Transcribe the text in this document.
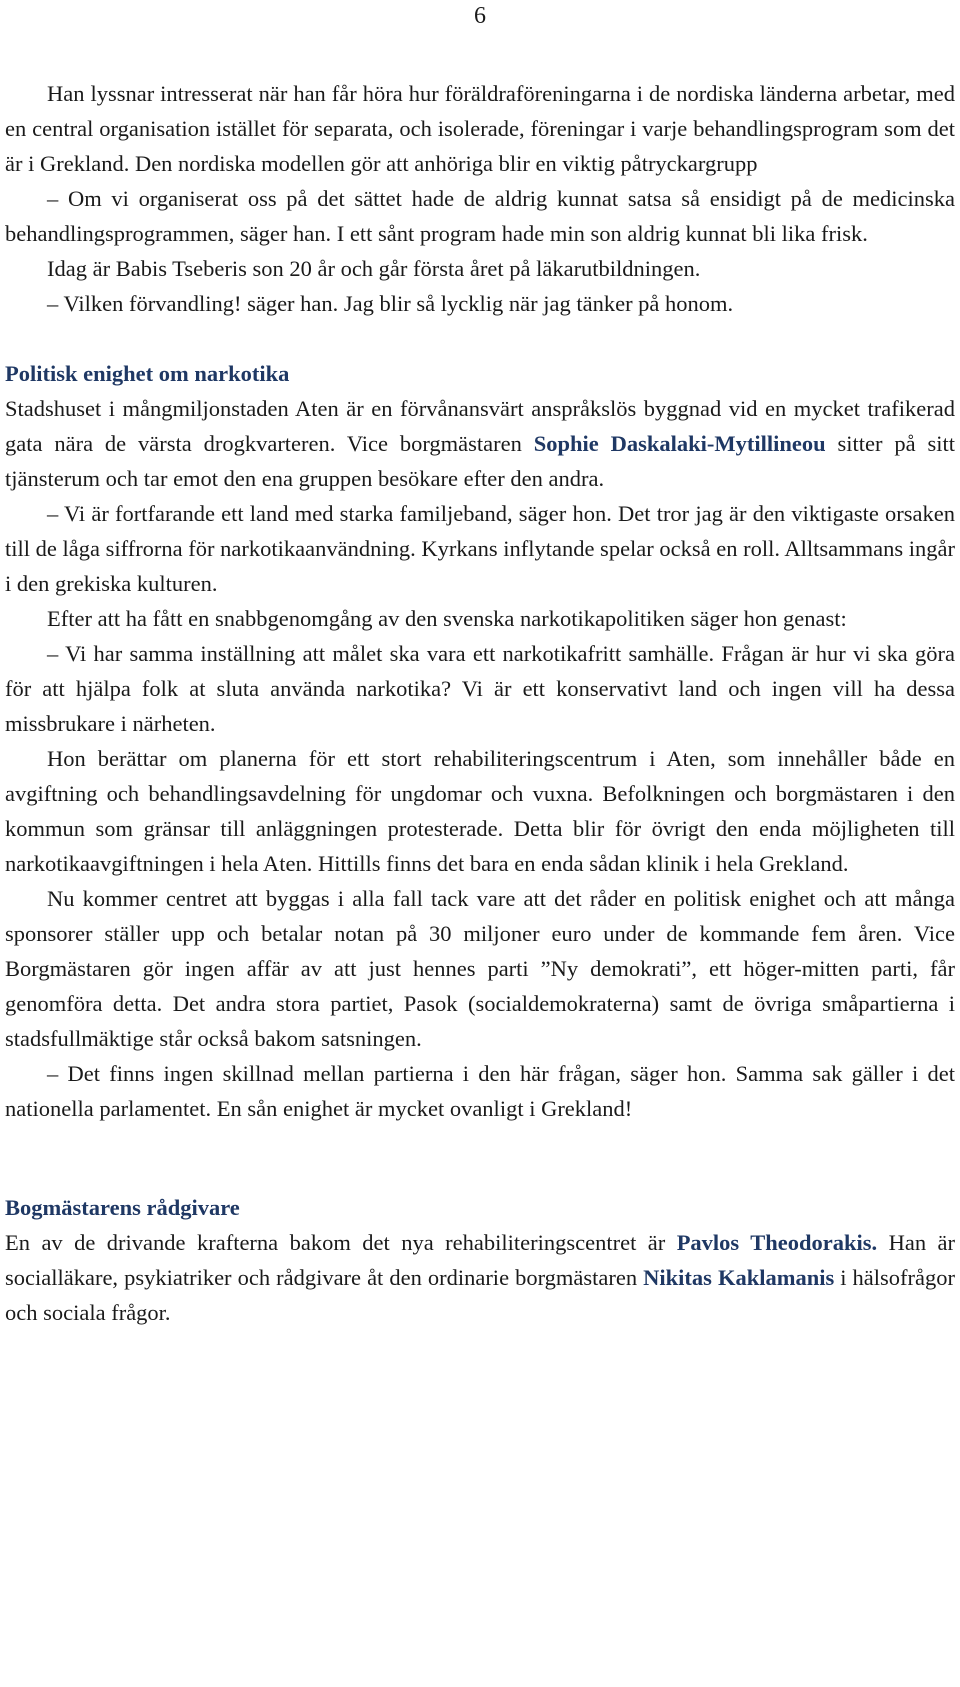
6

Han lyssnar intresserat när han får höra hur föräldraföreningarna i de nordiska länderna arbetar, med en central organisation istället för separata, och isolerade, föreningar i varje behandlingsprogram som det är i Grekland. Den nordiska modellen gör att anhöriga blir en viktig påtryckargrupp

– Om vi organiserat oss på det sättet hade de aldrig kunnat satsa så ensidigt på de medicinska behandlingsprogrammen, säger han. I ett sånt program hade min son aldrig kunnat bli lika frisk.

Idag är Babis Tseberis son 20 år och går första året på läkarutbildningen.

– Vilken förvandling! säger han. Jag blir så lycklig när jag tänker på honom.

Politisk enighet om narkotika

Stadshuset i mångmiljonstaden Aten är en förvånansvärt anspråkslös byggnad vid en mycket trafikerad gata nära de värsta drogkvarteren. Vice borgmästaren Sophie Daskalaki-Mytillineou sitter på sitt tjänsterum och tar emot den ena gruppen besökare efter den andra.

– Vi är fortfarande ett land med starka familjeband, säger hon. Det tror jag är den viktigaste orsaken till de låga siffrorna för narkotikaanvändning. Kyrkans inflytande spelar också en roll. Alltsammans ingår i den grekiska kulturen.

Efter att ha fått en snabbgenomgång av den svenska narkotikapolitiken säger hon genast:

– Vi har samma inställning att målet ska vara ett narkotikafritt samhälle. Frågan är hur vi ska göra för att hjälpa folk at sluta använda narkotika? Vi är ett konservativt land och ingen vill ha dessa missbrukare i närheten.

Hon berättar om planerna för ett stort rehabiliteringscentrum i Aten, som innehåller både en avgiftning och behandlingsavdelning för ungdomar och vuxna. Befolkningen och borgmästaren i den kommun som gränsar till anläggningen protesterade. Detta blir för övrigt den enda möjligheten till narkotikaavgiftningen i hela Aten. Hittills finns det bara en enda sådan klinik i hela Grekland.

Nu kommer centret att byggas i alla fall tack vare att det råder en politisk enighet och att många sponsorer ställer upp och betalar notan på 30 miljoner euro under de kommande fem åren. Vice Borgmästaren gör ingen affär av att just hennes parti ”Ny demokrati”, ett höger-mitten parti, får genomföra detta. Det andra stora partiet, Pasok (socialdemokraterna) samt de övriga småpartierna i stadsfullmäktige står också bakom satsningen.

– Det finns ingen skillnad mellan partierna i den här frågan, säger hon. Samma sak gäller i det nationella parlamentet. En sån enighet är mycket ovanligt i Grekland!

Bogmästarens rådgivare

En av de drivande krafterna bakom det nya rehabiliteringscentret är Pavlos Theodorakis. Han är socialläkare, psykiatriker och rådgivare åt den ordinarie borgmästaren Nikitas Kaklamanis i hälsofrågor och sociala frågor.
